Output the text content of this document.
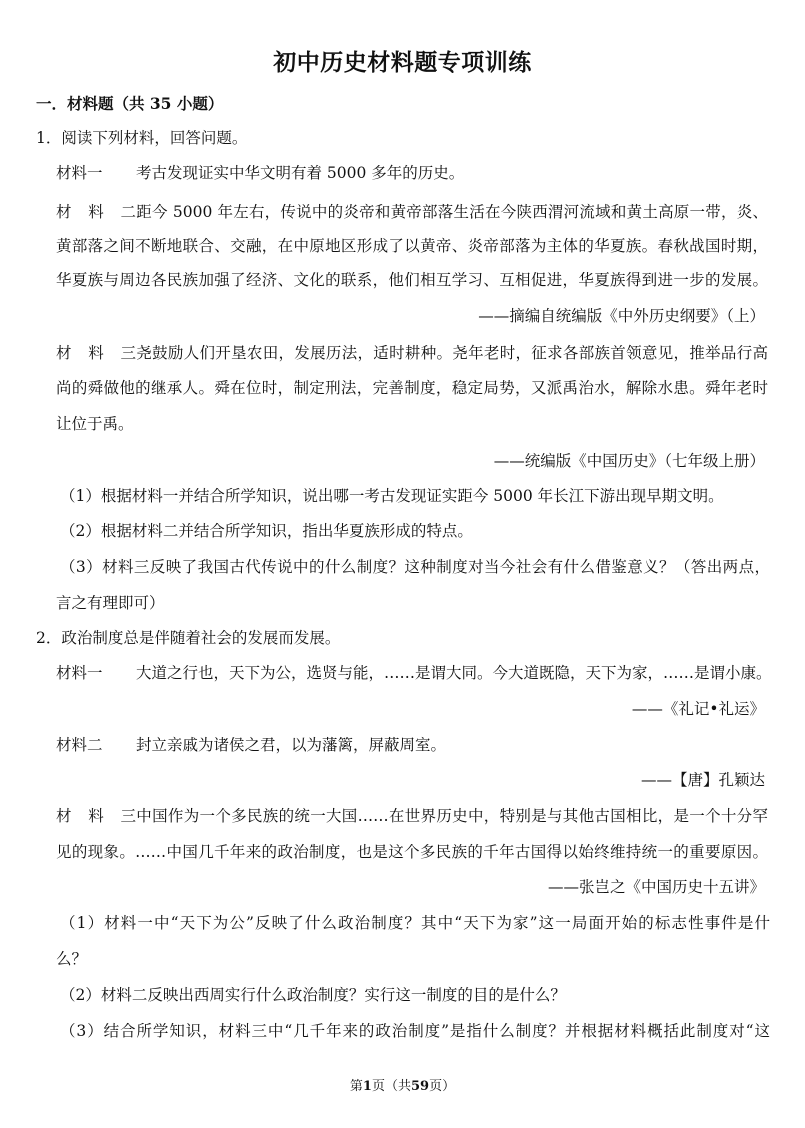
初中历史材料题专项训练
一．材料题（共 35 小题）
1．阅读下列材料，回答问题。
材料一 考古发现证实中华文明有着 5000 多年的历史。
材料二距今 5000 年左右，传说中的炎帝和黄帝部落生活在今陕西渭河流域和黄土高原一带，炎、
黄部落之间不断地联合、交融，在中原地区形成了以黄帝、炎帝部落为主体的华夏族。春秋战国时期，
华夏族与周边各民族加强了经济、文化的联系，他们相互学习、互相促进，华夏族得到进一步的发展。
——摘编自统编版《中外历史纲要》（上）
材料三尧鼓励人们开垦农田，发展历法，适时耕种。尧年老时，征求各部族首领意见，推举品行高
尚的舜做他的继承人。舜在位时，制定刑法，完善制度，稳定局势，又派禹治水，解除水患。舜年老时
让位于禹。
——统编版《中国历史》（七年级上册）
（1）根据材料一并结合所学知识，说出哪一考古发现证实距今 5000 年长江下游出现早期文明。
（2）根据材料二并结合所学知识，指出华夏族形成的特点。
（3）材料三反映了我国古代传说中的什么制度？这种制度对当今社会有什么借鉴意义？（答出两点，
言之有理即可）
2．政治制度总是伴随着社会的发展而发展。
材料一 大道之行也，天下为公，选贤与能，……是谓大同。今大道既隐，天下为家，……是谓小康。
——《礼记•礼运》
材料二 封立亲戚为诸侯之君，以为藩篱，屏蔽周室。
——【唐】孔颖达
材料三中国作为一个多民族的统一大国……在世界历史中，特别是与其他古国相比，是一个十分罕
见的现象。……中国几千年来的政治制度，也是这个多民族的千年古国得以始终维持统一的重要原因。
——张岂之《中国历史十五讲》
（1）材料一中“天下为公”反映了什么政治制度？其中“天下为家”这一局面开始的标志性事件是什
么？
（2）材料二反映出西周实行什么政治制度？实行这一制度的目的是什么？
（3）结合所学知识，材料三中“几千年来的政治制度”是指什么制度？并根据材料概括此制度对“这
第1页（共59页）
